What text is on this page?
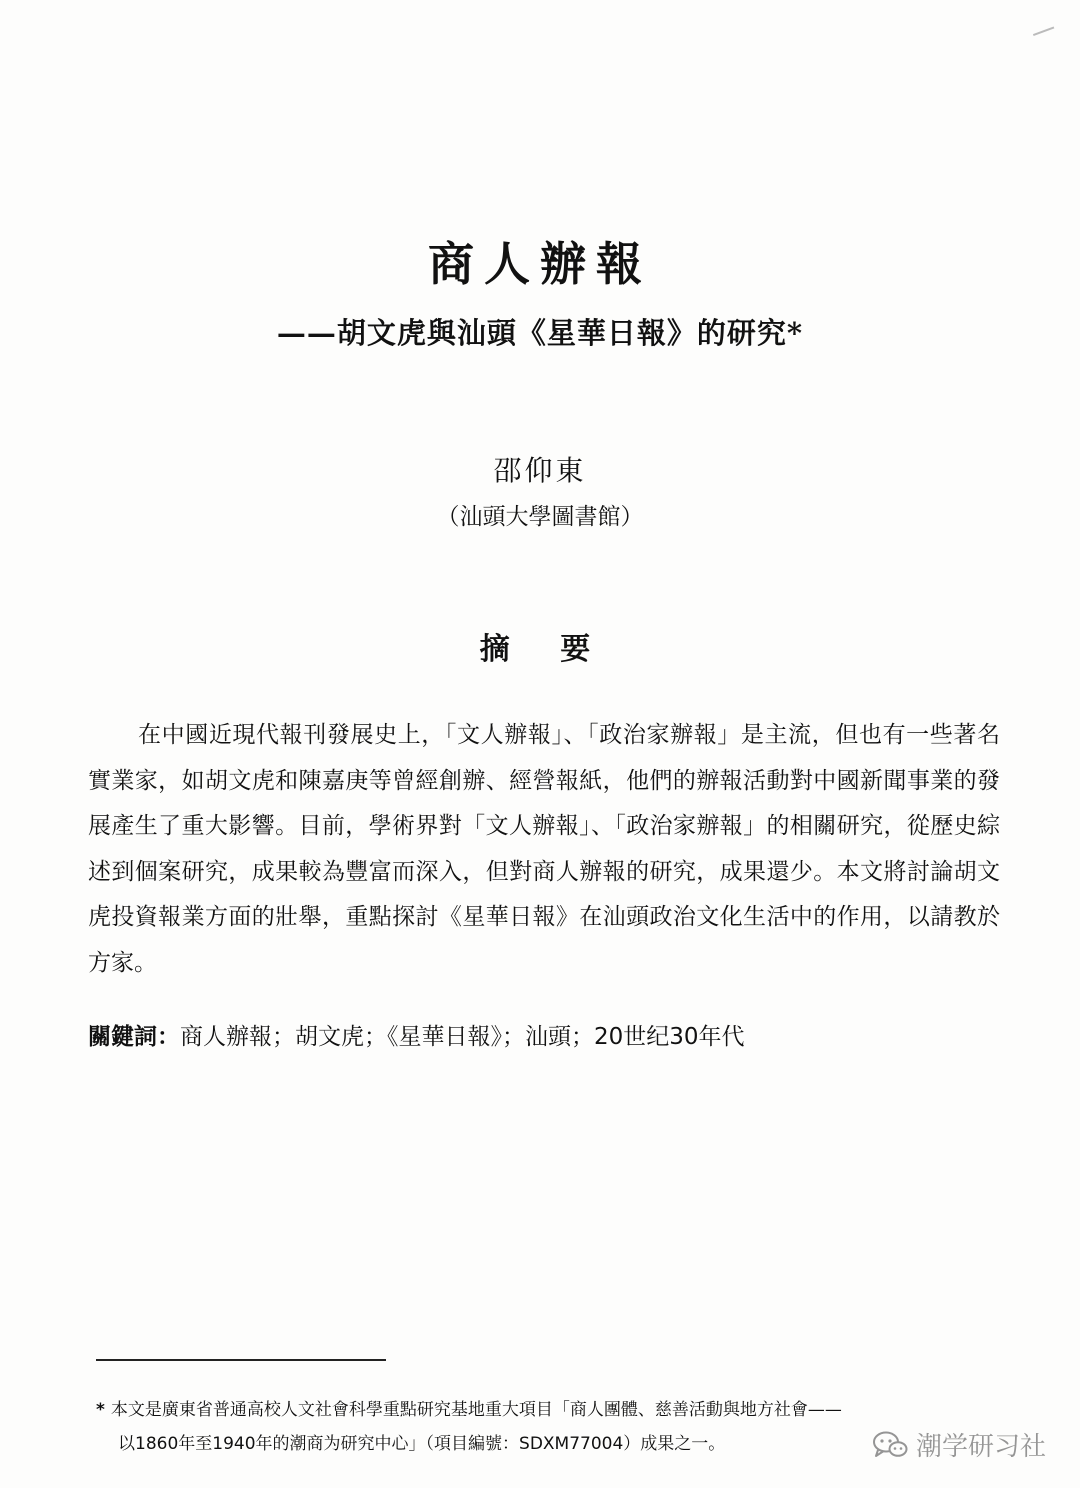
商人辦報
——胡文虎與汕頭《星華日報》的研究*
邵仰東
（汕頭大學圖書館）
摘 要
在中國近現代報刊發展史上，「文人辦報」、「政治家辦報」是主流，但也有一些著名實業家，如胡文虎和陳嘉庚等曾經創辦、經營報紙，他們的辦報活動對中國新聞事業的發展產生了重大影響。目前，學術界對「文人辦報」、「政治家辦報」的相關研究，從歷史綜述到個案研究，成果較為豐富而深入，但對商人辦報的研究，成果還少。本文將討論胡文虎投資報業方面的壯舉，重點探討《星華日報》在汕頭政治文化生活中的作用，以請教於方家。
關鍵詞：商人辦報；胡文虎；《星華日報》；汕頭；20世纪30年代
* 本文是廣東省普通高校人文社會科學重點研究基地重大項目「商人團體、慈善活動與地方社會——
以1860年至1940年的潮商为研究中心」（項目編號：SDXM77004）成果之一。	潮学研习社
